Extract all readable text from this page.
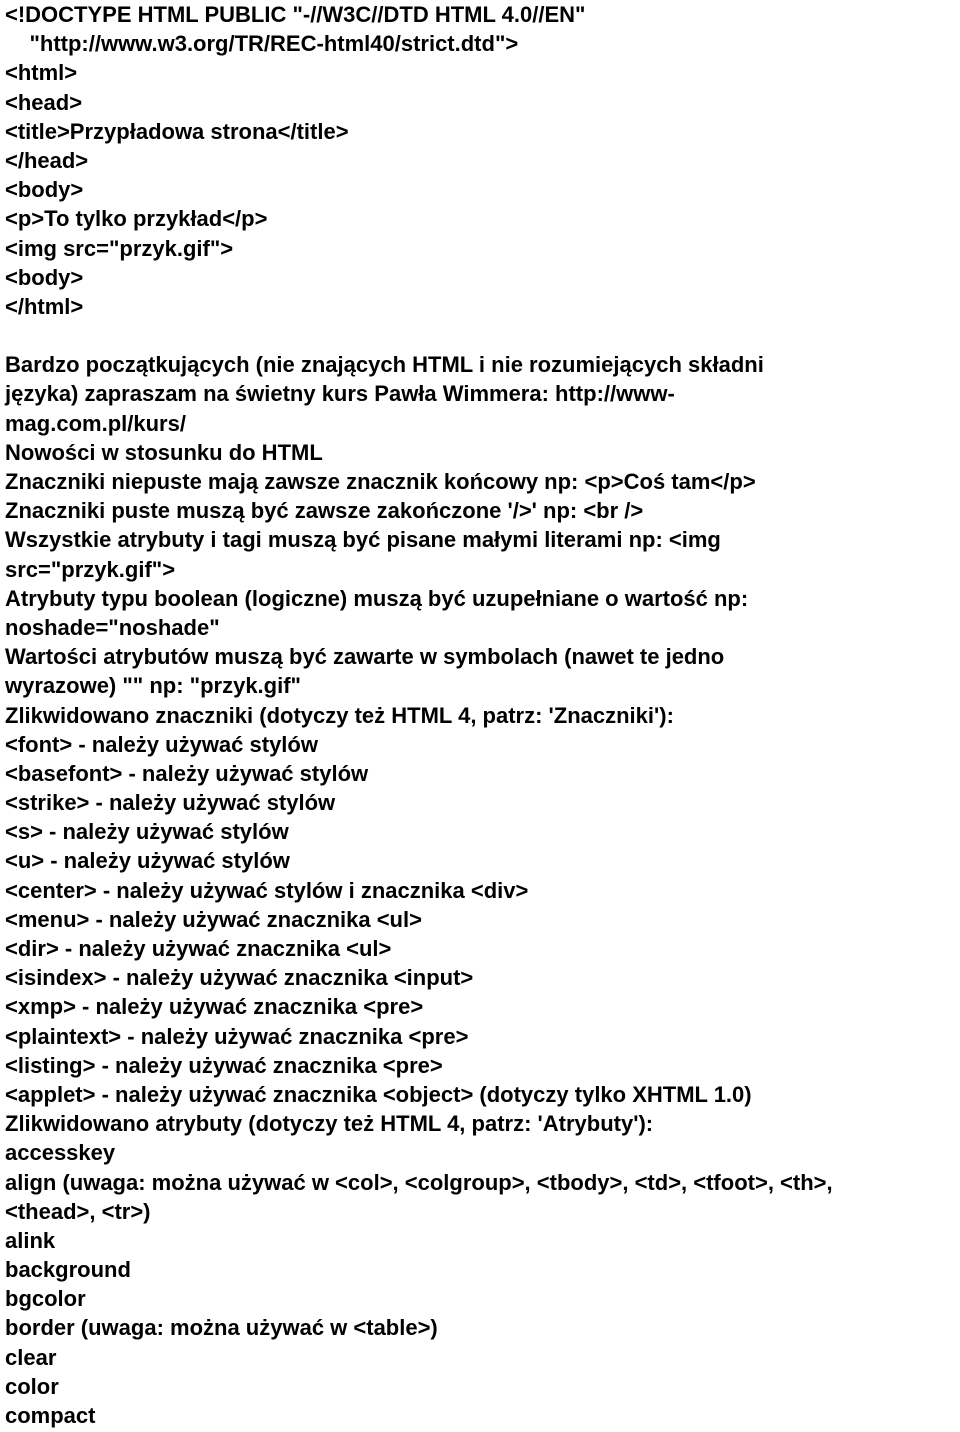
<!DOCTYPE HTML PUBLIC "-//W3C//DTD HTML 4.0//EN"
"http://www.w3.org/TR/REC-html40/strict.dtd">
<html>
<head>
<title>Przypładowa strona</title>
</head>
<body>
<p>To tylko przykład</p>
<img src="przyk.gif">
<body>
</html>
Bardzo początkujących (nie znających HTML i nie rozumiejących składni
języka) zapraszam na świetny kurs Pawła Wimmera: http://www-
mag.com.pl/kurs/
Nowości w stosunku do HTML
Znaczniki niepuste mają zawsze znacznik końcowy np: <p>Coś tam</p>
Znaczniki puste muszą być zawsze zakończone '/>' np: <br />
Wszystkie atrybuty i tagi muszą być pisane małymi literami np: <img
src="przyk.gif">
Atrybuty typu boolean (logiczne) muszą być uzupełniane o wartość np:
noshade="noshade"
Wartości atrybutów muszą być zawarte w symbolach (nawet te jedno
wyrazowe) "" np: "przyk.gif"
Zlikwidowano znaczniki (dotyczy też HTML 4, patrz: 'Znaczniki'):
<font> - należy używać stylów
<basefont> - należy używać stylów
<strike> - należy używać stylów
<s> - należy używać stylów
<u> - należy używać stylów
<center> - należy używać stylów i znacznika <div>
<menu> - należy używać znacznika <ul>
<dir> - należy używać znacznika <ul>
<isindex> - należy używać znacznika <input>
<xmp> - należy używać znacznika <pre>
<plaintext> - należy używać znacznika <pre>
<listing> - należy używać znacznika <pre>
<applet> - należy używać znacznika <object> (dotyczy tylko XHTML 1.0)
Zlikwidowano atrybuty (dotyczy też HTML 4, patrz: 'Atrybuty'):
accesskey
align (uwaga: można używać w <col>, <colgroup>, <tbody>, <td>, <tfoot>, <th>,
<thead>, <tr>)
alink
background
bgcolor
border (uwaga: można używać w <table>)
clear
color
compact
